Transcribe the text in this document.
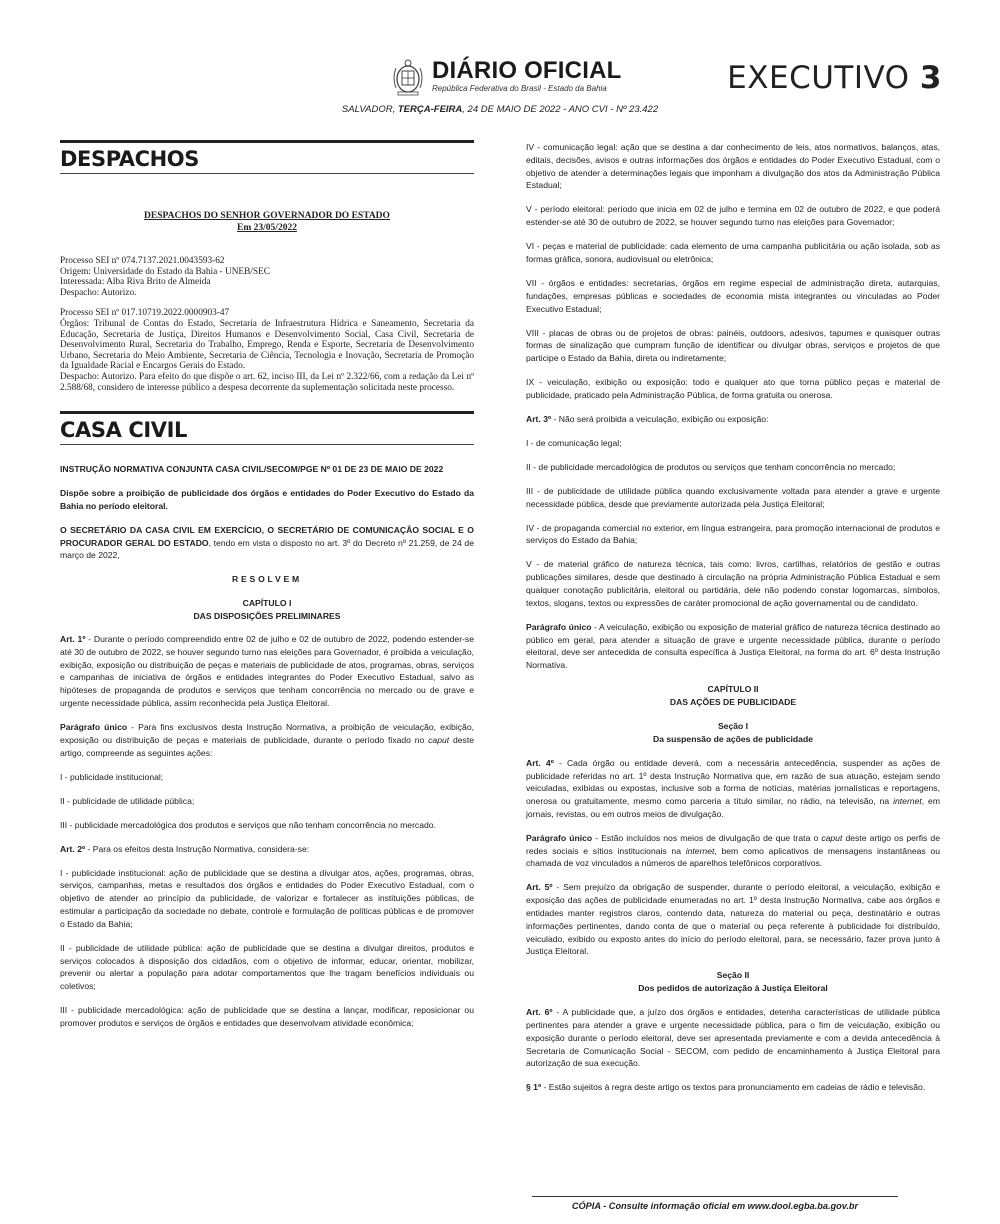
DIÁRIO OFICIAL
República Federativa do Brasil - Estado da Bahia	EXECUTIVO 3
SALVADOR, TERÇA-FEIRA, 24 DE MAIO DE 2022 - ANO CVI - Nº 23.422
DESPACHOS
DESPACHOS DO SENHOR GOVERNADOR DO ESTADO
Em 23/05/2022
Processo SEI nº 074.7137.2021.0043593-62
Origem: Universidade do Estado da Bahia - UNEB/SEC
Interessada: Alba Riva Brito de Almeida
Despacho: Autorizo.
Processo SEI nº 017.10719.2022.0000903-47
Órgãos: Tribunal de Contas do Estado, Secretaria de Infraestrutura Hídrica e Saneamento, Secretaria da Educação, Secretaria de Justiça, Direitos Humanos e Desenvolvimento Social, Casa Civil, Secretaria de Desenvolvimento Rural, Secretaria do Trabalho, Emprego, Renda e Esporte, Secretaria de Desenvolvimento Urbano, Secretaria do Meio Ambiente, Secretaria de Ciência, Tecnologia e Inovação, Secretaria de Promoção da Igualdade Racial e Encargos Gerais do Estado.
Despacho: Autorizo. Para efeito do que dispõe o art. 62, inciso III, da Lei nº 2.322/66, com a redação da Lei nº 2.588/68, considero de interesse público a despesa decorrente da suplementação solicitada neste processo.
CASA CIVIL

INSTRUÇÃO NORMATIVA CONJUNTA CASA CIVIL/SECOM/PGE Nº 01 DE 23 DE MAIO DE 2022

Dispõe sobre a proibição de publicidade dos órgãos e entidades do Poder Executivo do Estado da Bahia no período eleitoral.

O SECRETÁRIO DA CASA CIVIL EM EXERCÍCIO, O SECRETÁRIO DE COMUNICAÇÃO SOCIAL E O PROCURADOR GERAL DO ESTADO, tendo em vista o disposto no art. 3º do Decreto nº 21.259, de 24 de março de 2022,

RESOLVEM

CAPÍTULO I
DAS DISPOSIÇÕES PRELIMINARES

Art. 1º - Durante o período compreendido entre 02 de julho e 02 de outubro de 2022, podendo estender-se até 30 de outubro de 2022, se houver segundo turno nas eleições para Governador, é proibida a veiculação, exibição, exposição ou distribuição de peças e materiais de publicidade de atos, programas, obras, serviços e campanhas de iniciativa de órgãos e entidades integrantes do Poder Executivo Estadual, salvo as hipóteses de propaganda de produtos e serviços que tenham concorrência no mercado ou de grave e urgente necessidade pública, assim reconhecida pela Justiça Eleitoral.

Parágrafo único - Para fins exclusivos desta Instrução Normativa, a proibição de veiculação, exibição, exposição ou distribuição de peças e materiais de publicidade, durante o período fixado no caput deste artigo, compreende as seguintes ações:

I - publicidade institucional;

II - publicidade de utilidade pública;

III - publicidade mercadológica dos produtos e serviços que não tenham concorrência no mercado.

Art. 2º - Para os efeitos desta Instrução Normativa, considera-se:

I - publicidade institucional: ação de publicidade que se destina a divulgar atos, ações, programas, obras, serviços, campanhas, metas e resultados dos órgãos e entidades do Poder Executivo Estadual, com o objetivo de atender ao princípio da publicidade, de valorizar e fortalecer as instituições públicas, de estimular a participação da sociedade no debate, controle e formulação de políticas públicas e de promover o Estado da Bahia;

II - publicidade de utilidade pública: ação de publicidade que se destina a divulgar direitos, produtos e serviços colocados à disposição dos cidadãos, com o objetivo de informar, educar, orientar, mobilizar, prevenir ou alertar a população para adotar comportamentos que lhe tragam benefícios individuais ou coletivos;

III - publicidade mercadológica: ação de publicidade que se destina a lançar, modificar, reposicionar ou promover produtos e serviços de órgãos e entidades que desenvolvam atividade econômica;

IV - comunicação legal: ação que se destina a dar conhecimento de leis, atos normativos, balanços, atas, editais, decisões, avisos e outras informações dos órgãos e entidades do Poder Executivo Estadual, com o objetivo de atender a determinações legais que imponham a divulgação dos atos da Administração Pública Estadual;

V - período eleitoral: período que inicia em 02 de julho e termina em 02 de outubro de 2022, e que poderá estender-se até 30 de outubro de 2022, se houver segundo turno nas eleições para Governador;

VI - peças e material de publicidade: cada elemento de uma campanha publicitária ou ação isolada, sob as formas gráfica, sonora, audiovisual ou eletrônica;

VII - órgãos e entidades: secretarias, órgãos em regime especial de administração direta, autarquias, fundações, empresas públicas e sociedades de economia mista integrantes ou vinculadas ao Poder Executivo Estadual;

VIII - placas de obras ou de projetos de obras: painéis, outdoors, adesivos, tapumes e quaisquer outras formas de sinalização que cumpram função de identificar ou divulgar obras, serviços e projetos de que participe o Estado da Bahia, direta ou indiretamente;

IX - veiculação, exibição ou exposição: todo e qualquer ato que torna público peças e material de publicidade, praticado pela Administração Pública, de forma gratuita ou onerosa.

Art. 3º - Não será proibida a veiculação, exibição ou exposição:

I - de comunicação legal;

II - de publicidade mercadológica de produtos ou serviços que tenham concorrência no mercado;

III - de publicidade de utilidade pública quando exclusivamente voltada para atender a grave e urgente necessidade pública, desde que previamente autorizada pela Justiça Eleitoral;

IV - de propaganda comercial no exterior, em língua estrangeira, para promoção internacional de produtos e serviços do Estado da Bahia;

V - de material gráfico de natureza técnica, tais como: livros, cartilhas, relatórios de gestão e outras publicações similares, desde que destinado à circulação na própria Administração Pública Estadual e sem qualquer conotação publicitária, eleitoral ou partidária, dele não podendo constar logomarcas, símbolos, textos, slogans, textos ou expressões de caráter promocional de ação governamental ou de candidato.

Parágrafo único - A veiculação, exibição ou exposição de material gráfico de natureza técnica destinado ao público em geral, para atender a situação de grave e urgente necessidade pública, durante o período eleitoral, deve ser antecedida de consulta específica à Justiça Eleitoral, na forma do art. 6º desta Instrução Normativa.

CAPÍTULO II
DAS AÇÕES DE PUBLICIDADE

Seção I
Da suspensão de ações de publicidade

Art. 4º - Cada órgão ou entidade deverá, com a necessária antecedência, suspender as ações de publicidade referidas no art. 1º desta Instrução Normativa que, em razão de sua atuação, estejam sendo veiculadas, exibidas ou expostas, inclusive sob a forma de notícias, matérias jornalísticas e reportagens, onerosa ou gratuitamente, mesmo como parceria a título similar, no rádio, na televisão, na internet, em jornais, revistas, ou em outros meios de divulgação.

Parágrafo único - Estão incluídos nos meios de divulgação de que trata o caput deste artigo os perfis de redes sociais e sítios institucionais na internet, bem como aplicativos de mensagens instantâneas ou chamada de voz vinculados a números de aparelhos telefônicos corporativos.

Art. 5º - Sem prejuízo da obrigação de suspender, durante o período eleitoral, a veiculação, exibição e exposição das ações de publicidade enumeradas no art. 1º desta Instrução Normativa, cabe aos órgãos e entidades manter registros claros, contendo data, natureza do material ou peça, destinatário e outras informações pertinentes, dando conta de que o material ou peça referente à publicidade foi distribuído, veiculado, exibido ou exposto antes do início do período eleitoral, para, se necessário, fazer prova junto à Justiça Eleitoral.

Seção II
Dos pedidos de autorização à Justiça Eleitoral

Art. 6º - A publicidade que, a juízo dos órgãos e entidades, detenha características de utilidade pública pertinentes para atender a grave e urgente necessidade pública, para o fim de veiculação, exibição ou exposição durante o período eleitoral, deve ser apresentada previamente e com a devida antecedência à Secretaria de Comunicação Social - SECOM, com pedido de encaminhamento à Justiça Eleitoral para autorização de sua execução.

§ 1º - Estão sujeitos à regra deste artigo os textos para pronunciamento em cadeias de rádio e televisão.

CÓPIA - Consulte informação oficial em www.dool.egba.ba.gov.br
